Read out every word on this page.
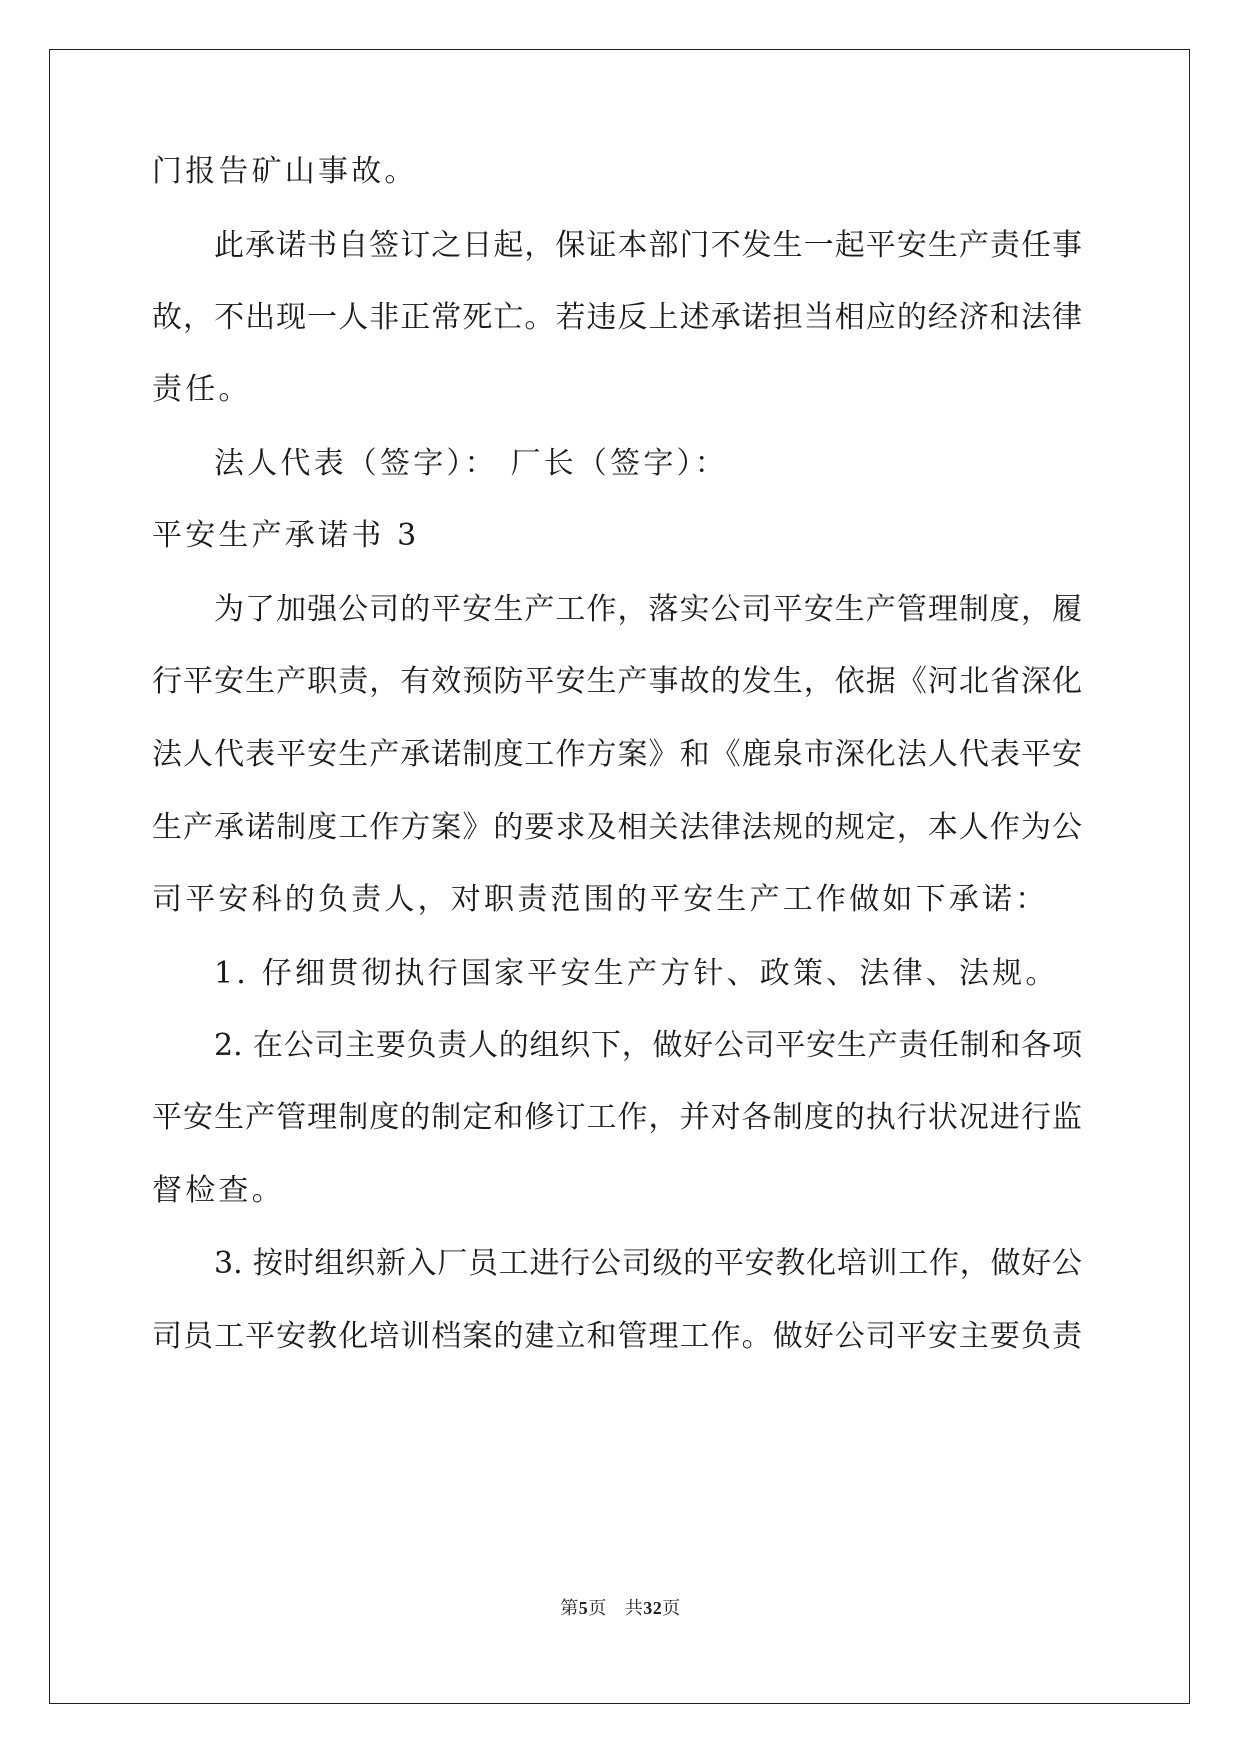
门报告矿山事故。
此承诺书自签订之日起，保证本部门不发生一起平安生产责任事
故，不出现一人非正常死亡。若违反上述承诺担当相应的经济和法律
责任。
法人代表（签字）： 厂长（签字）：
平安生产承诺书 3
为了加强公司的平安生产工作，落实公司平安生产管理制度，履
行平安生产职责，有效预防平安生产事故的发生，依据《河北省深化
法人代表平安生产承诺制度工作方案》和《鹿泉市深化法人代表平安
生产承诺制度工作方案》的要求及相关法律法规的规定，本人作为公
司平安科的负责人，对职责范围的平安生产工作做如下承诺：
1. 仔细贯彻执行国家平安生产方针、政策、法律、法规。
2. 在公司主要负责人的组织下，做好公司平安生产责任制和各项
平安生产管理制度的制定和修订工作，并对各制度的执行状况进行监
督检查。
3. 按时组织新入厂员工进行公司级的平安教化培训工作，做好公
司员工平安教化培训档案的建立和管理工作。做好公司平安主要负责
第5页 共32页
